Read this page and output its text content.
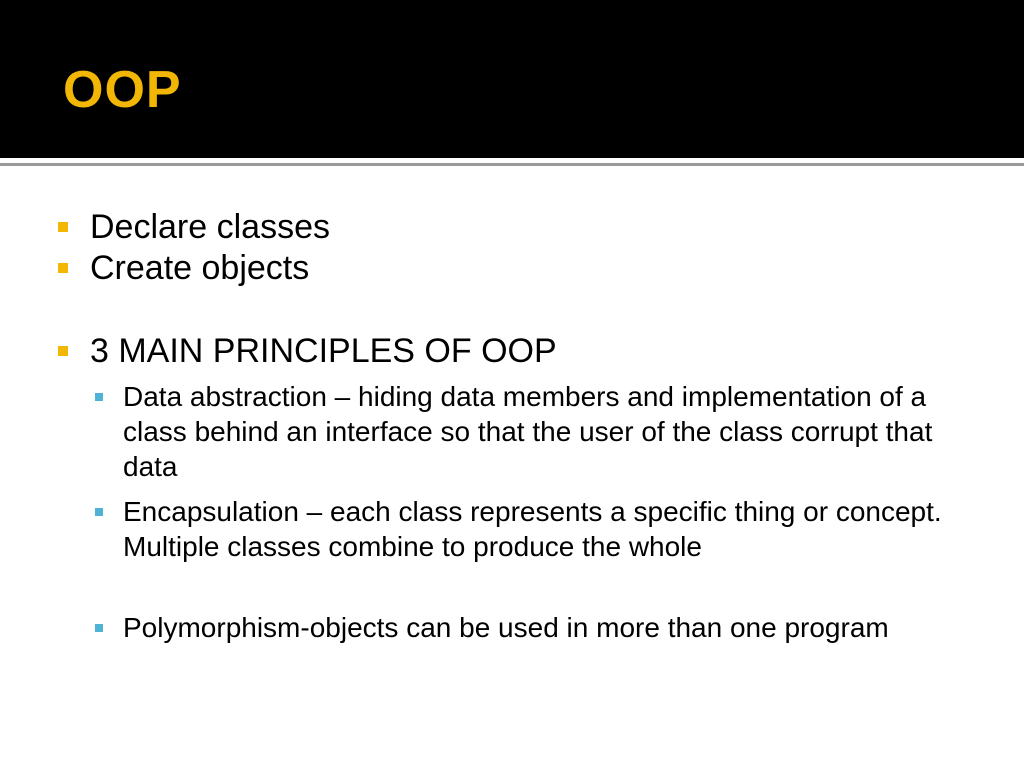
OOP
Declare classes
Create objects
3 MAIN PRINCIPLES OF OOP
Data abstraction – hiding data members and implementation of a class behind an interface so that the user of the class corrupt that data
Encapsulation – each class represents a specific thing or concept. Multiple classes combine to produce the whole
Polymorphism-objects can be used in more than one program
